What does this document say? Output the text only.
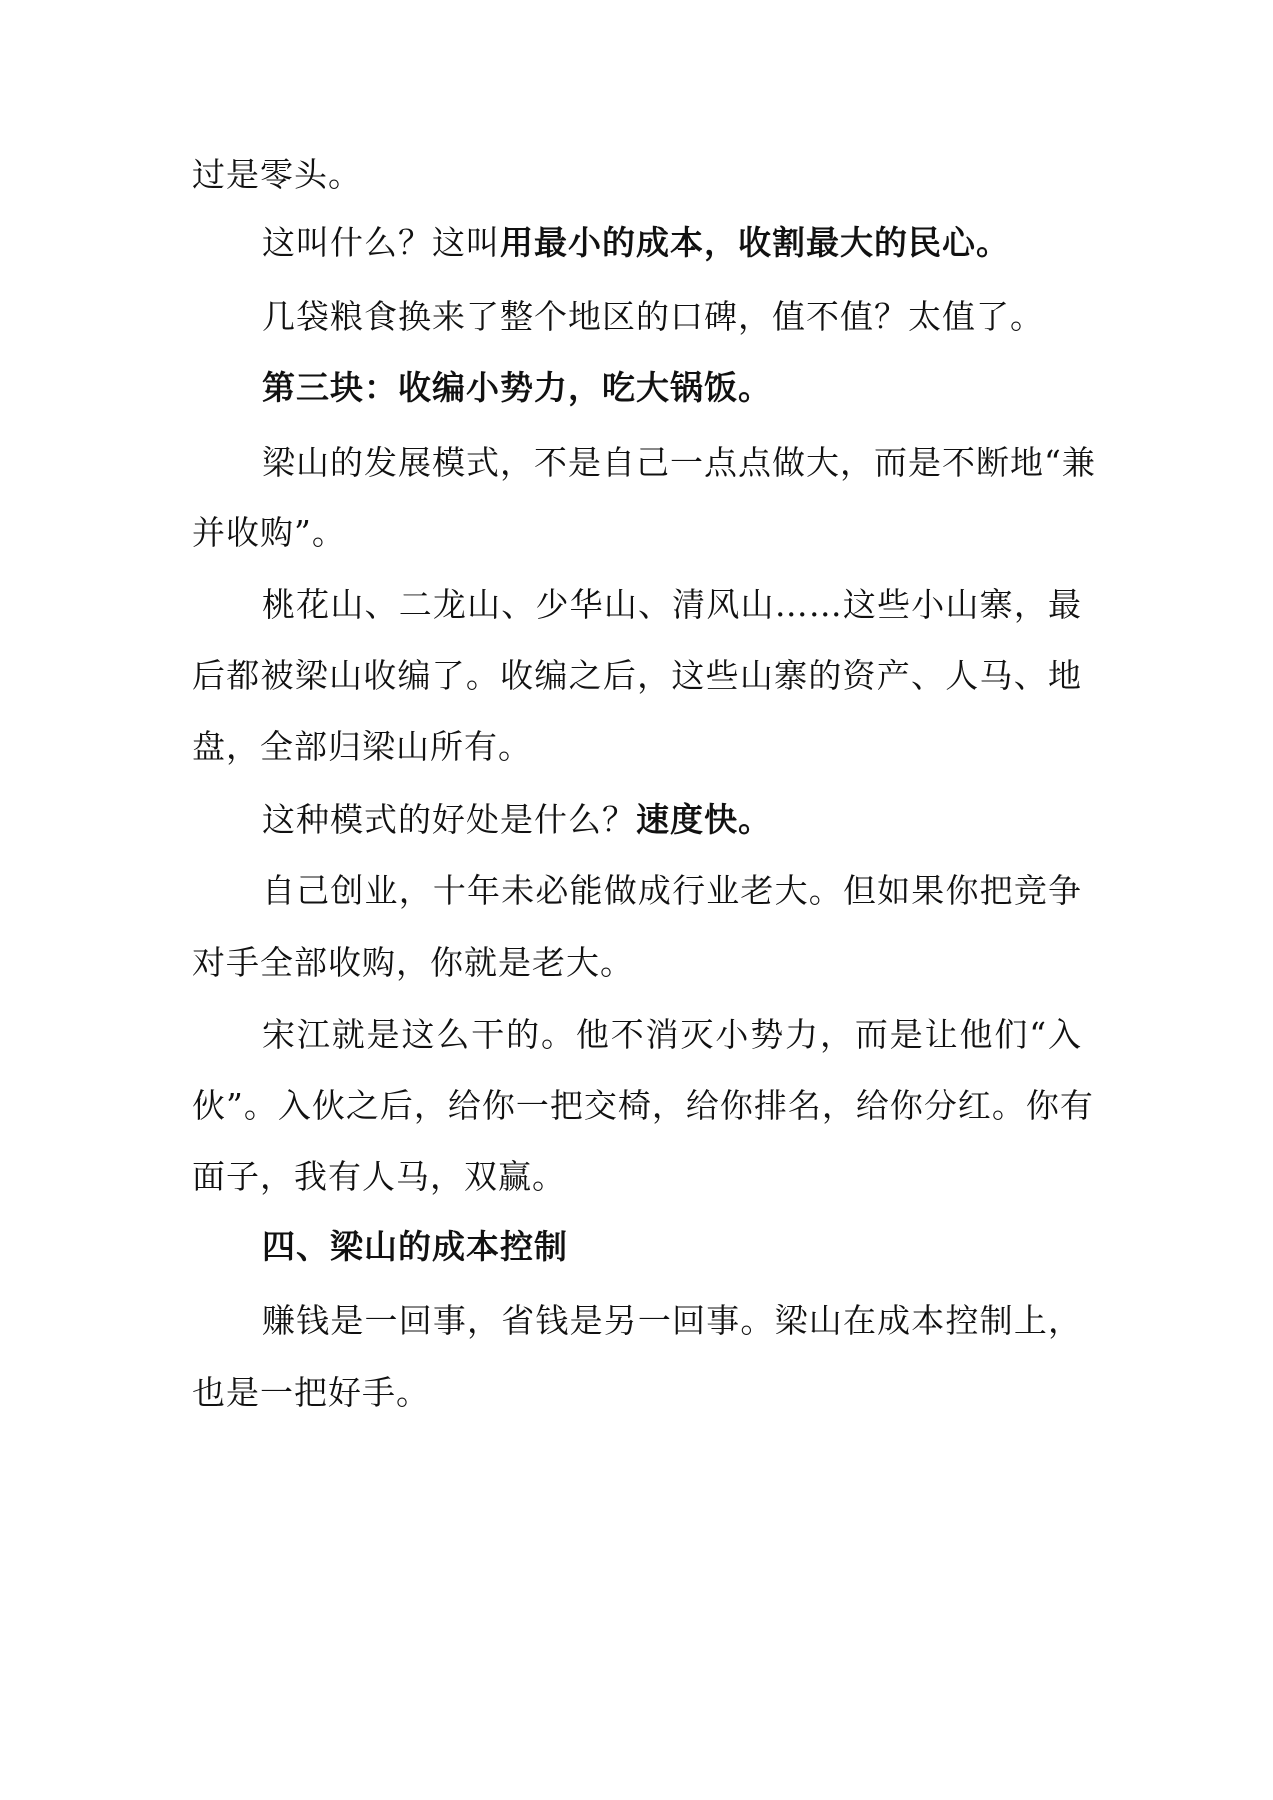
过是零头。

这叫什么？这叫用最小的成本，收割最大的民心。

几袋粮食换来了整个地区的口碑，值不值？太值了。

第三块：收编小势力，吃大锅饭。

梁山的发展模式，不是自己一点点做大，而是不断地“兼

并收购”。

桃花山、二龙山、少华山、清风山……这些小山寨，最

后都被梁山收编了。收编之后，这些山寨的资产、人马、地

盘，全部归梁山所有。

这种模式的好处是什么？速度快。

自己创业，十年未必能做成行业老大。但如果你把竞争

对手全部收购，你就是老大。

宋江就是这么干的。他不消灭小势力，而是让他们“入

伙”。入伙之后，给你一把交椅，给你排名，给你分红。你有

面子，我有人马，双赢。

四、梁山的成本控制

赚钱是一回事，省钱是另一回事。梁山在成本控制上，

也是一把好手。
